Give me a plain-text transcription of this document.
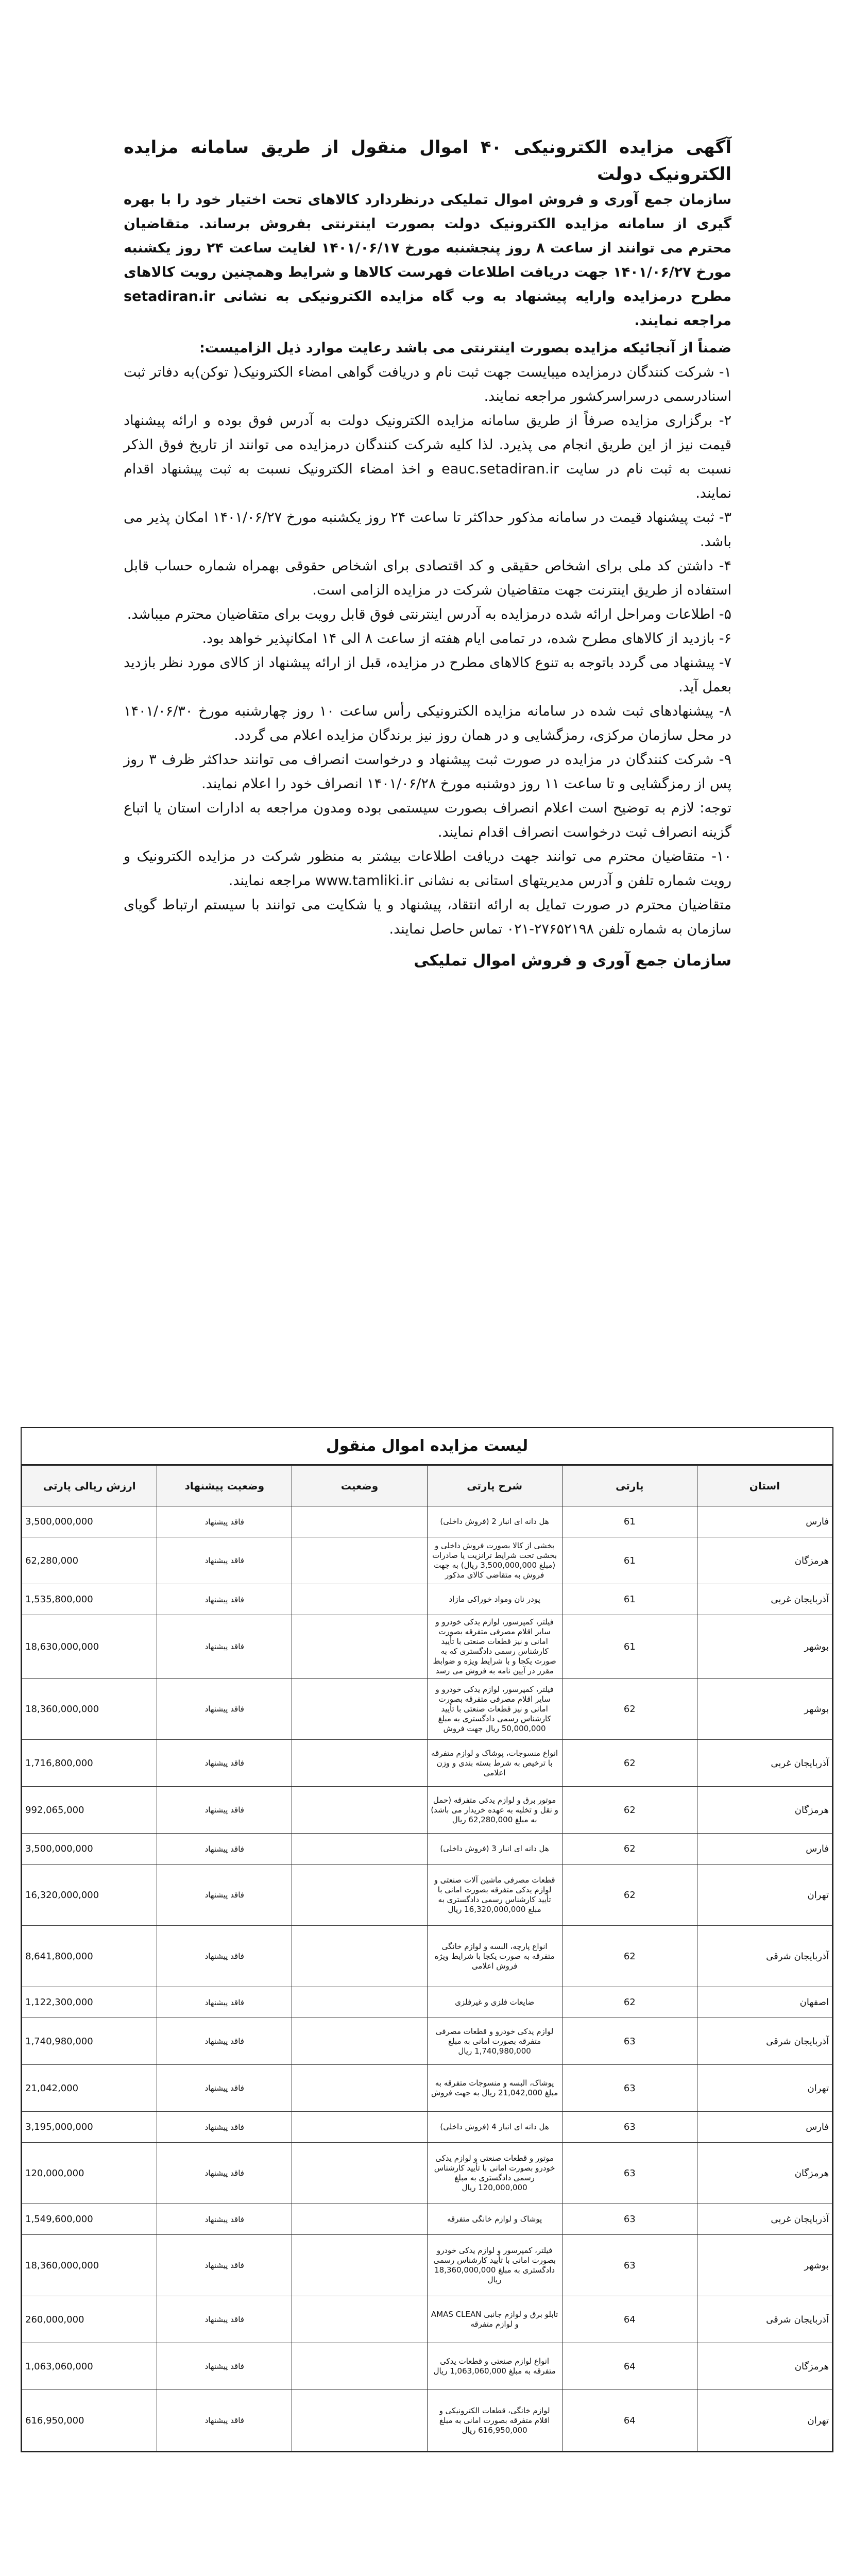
آگهی مزایده الکترونیکی ۴۰ اموال منقول از طریق سامانه مزایده الکترونیک دولت

سازمان جمع آوری و فروش اموال تملیکی درنظردارد کالاهای تحت اختیار خود را با بهره گیری از سامانه مزایده الکترونیک دولت بصورت اینترنتی بفروش برساند. متقاضیان محترم می توانند از ساعت ۸ روز پنجشنبه مورخ ۱۴۰۱/۰۶/۱۷ لغایت ساعت ۲۴ روز یکشنبه مورخ ۱۴۰۱/۰۶/۲۷ جهت دریافت اطلاعات فهرست کالاها و شرایط وهمچنین رویت کالاهای مطرح درمزایده وارایه پیشنهاد به وب گاه مزایده الکترونیکی به نشانی setadiran.ir مراجعه نمایند.

ضمناً از آنجائیکه مزایده بصورت اینترنتی می باشد رعایت موارد ذیل الزامیست:

۱- شرکت کنندگان درمزایده میبایست جهت ثبت نام و دریافت گواهی امضاء الکترونیک( توکن)به دفاتر ثبت اسنادرسمی درسراسرکشور مراجعه نمایند.

۲- برگزاری مزایده صرفاً از طریق سامانه مزایده الکترونیک دولت به آدرس فوق بوده و ارائه پیشنهاد قیمت نیز از این طریق انجام می پذیرد. لذا کلیه شرکت کنندگان درمزایده می توانند از تاریخ فوق الذکر نسبت به ثبت نام در سایت eauc.setadiran.ir و اخذ امضاء الکترونیک نسبت به ثبت پیشنهاد اقدام نمایند.

۳- ثبت پیشنهاد قیمت در سامانه مذکور حداکثر تا ساعت ۲۴ روز یکشنبه مورخ ۱۴۰۱/۰۶/۲۷ امکان پذیر می باشد.

۴- داشتن کد ملی برای اشخاص حقیقی و کد اقتصادی برای اشخاص حقوقی بهمراه شماره حساب قابل استفاده از طریق اینترنت جهت متقاضیان شرکت در مزایده الزامی است.

۵- اطلاعات ومراحل ارائه شده درمزایده به آدرس اینترنتی فوق قابل رویت برای متقاضیان محترم میباشد.

۶- بازدید از کالاهای مطرح شده، در تمامی ایام هفته از ساعت ۸ الی ۱۴ امکانپذیر خواهد بود.

۷- پیشنهاد می گردد باتوجه به تنوع کالاهای مطرح در مزایده، قبل از ارائه پیشنهاد از کالای مورد نظر بازدید بعمل آید.

۸- پیشنهادهای ثبت شده در سامانه مزایده الکترونیکی رأس ساعت ۱۰ روز چهارشنبه مورخ ۱۴۰۱/۰۶/۳۰ در محل سازمان مرکزی، رمزگشایی و در همان روز نیز برندگان مزایده اعلام می گردد.

۹- شرکت کنندگان در مزایده در صورت ثبت پیشنهاد و درخواست انصراف می توانند حداکثر ظرف ۳ روز پس از رمزگشایی و تا ساعت ۱۱ روز دوشنبه مورخ ۱۴۰۱/۰۶/۲۸ انصراف خود را اعلام نمایند.

توجه: لازم به توضیح است اعلام انصراف بصورت سیستمی بوده ومدون مراجعه به ادارات استان یا اتباع گزینه انصراف ثبت درخواست انصراف اقدام نمایند.

۱۰- متقاضیان محترم می توانند جهت دریافت اطلاعات بیشتر به منظور شرکت در مزایده الکترونیک و رویت شماره تلفن و آدرس مدیریتهای استانی به نشانی www.tamliki.ir مراجعه نمایند.

متقاضیان محترم در صورت تمایل به ارائه انتقاد، پیشنهاد و یا شکایت می توانند با سیستم ارتباط گویای سازمان به شماره تلفن ۲۷۶۵۲۱۹۸-۰۲۱ تماس حاصل نمایند.

سازمان جمع آوری و فروش اموال تملیکی

لیست مزایده اموال منقول
استان	پارتی	شرح پارتی	وضعیت	وضعیت پیشنهاد	ارزش ریالی پارتی
فارس	61	هل دانه ای انبار 2 (فروش داخلی)		فاقد پیشنهاد	3,500,000,000
هرمزگان	61	بخشی از کالا بصورت فروش داخلی و بخشی تحت شرایط ترانزیت یا صادرات (مبلغ 3,500,000,000 ریال) به جهت فروش به متقاضی کالای مذکور		فاقد پیشنهاد	62,280,000
آذربایجان غربی	61	پودر نان ومواد خوراکی مازاد		فاقد پیشنهاد	1,535,800,000
بوشهر	61	فیلتر، کمپرسور، لوازم یدکی خودرو و سایر اقلام مصرفی متفرقه بصورت امانی و نیز قطعات صنعتی با تأیید کارشناس رسمی دادگستری که به صورت یکجا و با شرایط ویژه و ضوابط مقرر در آیین نامه به فروش می رسد		فاقد پیشنهاد	18,630,000,000
بوشهر	62	فیلتر، کمپرسور، لوازم یدکی خودرو و سایر اقلام مصرفی متفرقه بصورت امانی و نیز قطعات صنعتی با تأیید کارشناس رسمی دادگستری به مبلغ 50,000,000 ریال جهت فروش		فاقد پیشنهاد	18,360,000,000
آذربایجان غربی	62	انواع منسوجات، پوشاک و لوازم متفرقه با ترخیص به شرط بسته بندی و وزن اعلامی		فاقد پیشنهاد	1,716,800,000
هرمزگان	62	موتور برق و لوازم یدکی متفرقه (حمل و نقل و تخلیه به عهده خریدار می باشد) به مبلغ 62,280,000 ریال		فاقد پیشنهاد	992,065,000
فارس	62	هل دانه ای انبار 3 (فروش داخلی)		فاقد پیشنهاد	3,500,000,000
تهران	62	قطعات مصرفی ماشین آلات صنعتی و لوازم یدکی متفرقه بصورت امانی با تأیید کارشناس رسمی دادگستری به مبلغ 16,320,000,000 ریال		فاقد پیشنهاد	16,320,000,000
آذربایجان شرقی	62	انواع پارچه، البسه و لوازم خانگی متفرقه به صورت یکجا با شرایط ویژه فروش اعلامی		فاقد پیشنهاد	8,641,800,000
اصفهان	62	ضایعات فلزی و غیرفلزی		فاقد پیشنهاد	1,122,300,000
آذربایجان شرقی	63	لوازم یدکی خودرو و قطعات مصرفی متفرقه بصورت امانی به مبلغ 1,740,980,000 ریال		فاقد پیشنهاد	1,740,980,000
تهران	63	پوشاک، البسه و منسوجات متفرقه به مبلغ 21,042,000 ریال به جهت فروش		فاقد پیشنهاد	21,042,000
فارس	63	هل دانه ای انبار 4 (فروش داخلی)		فاقد پیشنهاد	3,195,000,000
هرمزگان	63	موتور و قطعات صنعتی و لوازم یدکی خودرو بصورت امانی با تأیید کارشناس رسمی دادگستری به مبلغ 120,000,000 ریال		فاقد پیشنهاد	120,000,000
آذربایجان غربی	63	پوشاک و لوازم خانگی متفرقه		فاقد پیشنهاد	1,549,600,000
بوشهر	63	فیلتر، کمپرسور و لوازم یدکی خودرو بصورت امانی با تأیید کارشناس رسمی دادگستری به مبلغ 18,360,000,000 ریال		فاقد پیشنهاد	18,360,000,000
آذربایجان شرقی	64	تابلو برق و لوازم جانبی AMAS CLEAN و لوازم متفرقه		فاقد پیشنهاد	260,000,000
هرمزگان	64	انواع لوازم صنعتی و قطعات یدکی متفرقه به مبلغ 1,063,060,000 ریال		فاقد پیشنهاد	1,063,060,000
تهران	64	لوازم خانگی، قطعات الکترونیکی و اقلام متفرقه بصورت امانی به مبلغ 616,950,000 ریال		فاقد پیشنهاد	616,950,000
